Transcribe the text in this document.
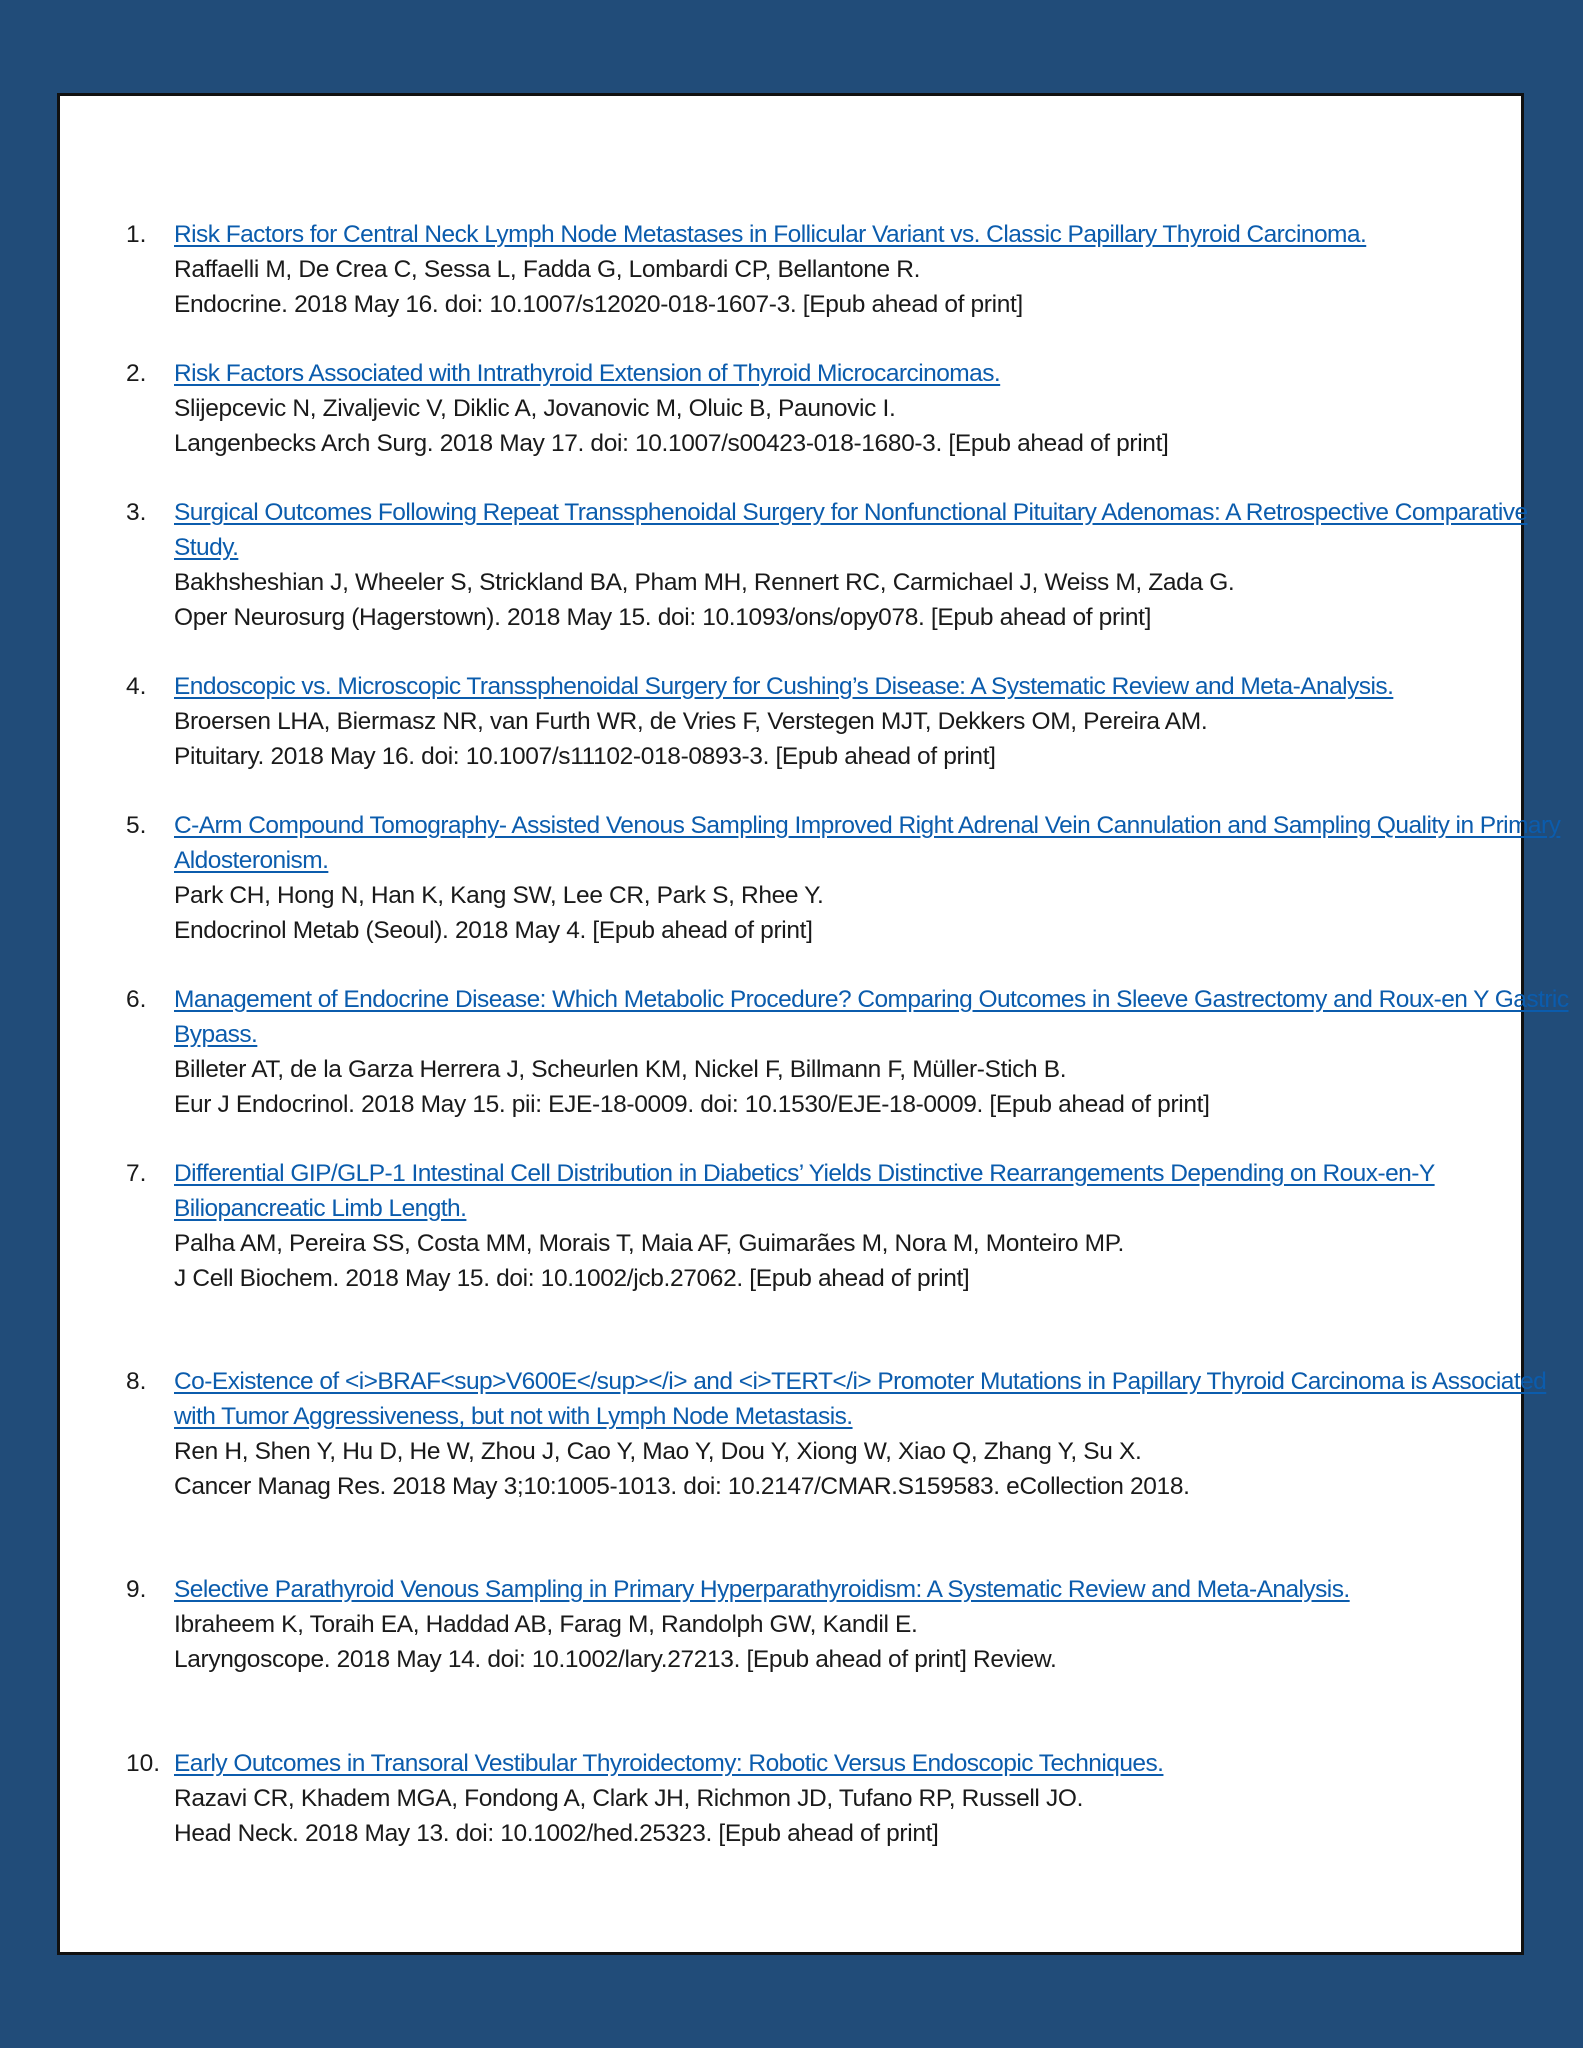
1.	Risk Factors for Central Neck Lymph Node Metastases in Follicular Variant vs. Classic Papillary Thyroid Carcinoma.
Raffaelli M, De Crea C, Sessa L, Fadda G, Lombardi CP, Bellantone R.
Endocrine. 2018 May 16. doi: 10.1007/s12020-018-1607-3. [Epub ahead of print]
2.	Risk Factors Associated with Intrathyroid Extension of Thyroid Microcarcinomas.
Slijepcevic N, Zivaljevic V, Diklic A, Jovanovic M, Oluic B, Paunovic I.
Langenbecks Arch Surg. 2018 May 17. doi: 10.1007/s00423-018-1680-3. [Epub ahead of print]
3.	Surgical Outcomes Following Repeat Transsphenoidal Surgery for Nonfunctional Pituitary Adenomas: A Retrospective Comparative Study.
Bakhsheshian J, Wheeler S, Strickland BA, Pham MH, Rennert RC, Carmichael J, Weiss M, Zada G.
Oper Neurosurg (Hagerstown). 2018 May 15. doi: 10.1093/ons/opy078. [Epub ahead of print]
4.	Endoscopic vs. Microscopic Transsphenoidal Surgery for Cushing’s Disease: A Systematic Review and Meta-Analysis.
Broersen LHA, Biermasz NR, van Furth WR, de Vries F, Verstegen MJT, Dekkers OM, Pereira AM.
Pituitary. 2018 May 16. doi: 10.1007/s11102-018-0893-3. [Epub ahead of print]
5.	C-Arm Compound Tomography- Assisted Venous Sampling Improved Right Adrenal Vein Cannulation and Sampling Quality in Primary Aldosteronism.
Park CH, Hong N, Han K, Kang SW, Lee CR, Park S, Rhee Y.
Endocrinol Metab (Seoul). 2018 May 4. [Epub ahead of print]
6.	Management of Endocrine Disease: Which Metabolic Procedure? Comparing Outcomes in Sleeve Gastrectomy and Roux-en Y Gastric Bypass.
Billeter AT, de la Garza Herrera J, Scheurlen KM, Nickel F, Billmann F, Müller-Stich B.
Eur J Endocrinol. 2018 May 15. pii: EJE-18-0009. doi: 10.1530/EJE-18-0009. [Epub ahead of print]
7.	Differential GIP/GLP-1 Intestinal Cell Distribution in Diabetics’ Yields Distinctive Rearrangements Depending on Roux-en-Y Biliopancreatic Limb Length.
Palha AM, Pereira SS, Costa MM, Morais T, Maia AF, Guimarães M, Nora M, Monteiro MP.
J Cell Biochem. 2018 May 15. doi: 10.1002/jcb.27062. [Epub ahead of print]
8.	Co-Existence of <i>BRAF<sup>V600E</sup></i> and <i>TERT</i> Promoter Mutations in Papillary Thyroid Carcinoma is Associated with Tumor Aggressiveness, but not with Lymph Node Metastasis.
Ren H, Shen Y, Hu D, He W, Zhou J, Cao Y, Mao Y, Dou Y, Xiong W, Xiao Q, Zhang Y, Su X.
Cancer Manag Res. 2018 May 3;10:1005-1013. doi: 10.2147/CMAR.S159583. eCollection 2018.
9.	Selective Parathyroid Venous Sampling in Primary Hyperparathyroidism: A Systematic Review and Meta-Analysis.
Ibraheem K, Toraih EA, Haddad AB, Farag M, Randolph GW, Kandil E.
Laryngoscope. 2018 May 14. doi: 10.1002/lary.27213. [Epub ahead of print] Review.
10. Early Outcomes in Transoral Vestibular Thyroidectomy: Robotic Versus Endoscopic Techniques.
Razavi CR, Khadem MGA, Fondong A, Clark JH, Richmon JD, Tufano RP, Russell JO.
Head Neck. 2018 May 13. doi: 10.1002/hed.25323. [Epub ahead of print]
